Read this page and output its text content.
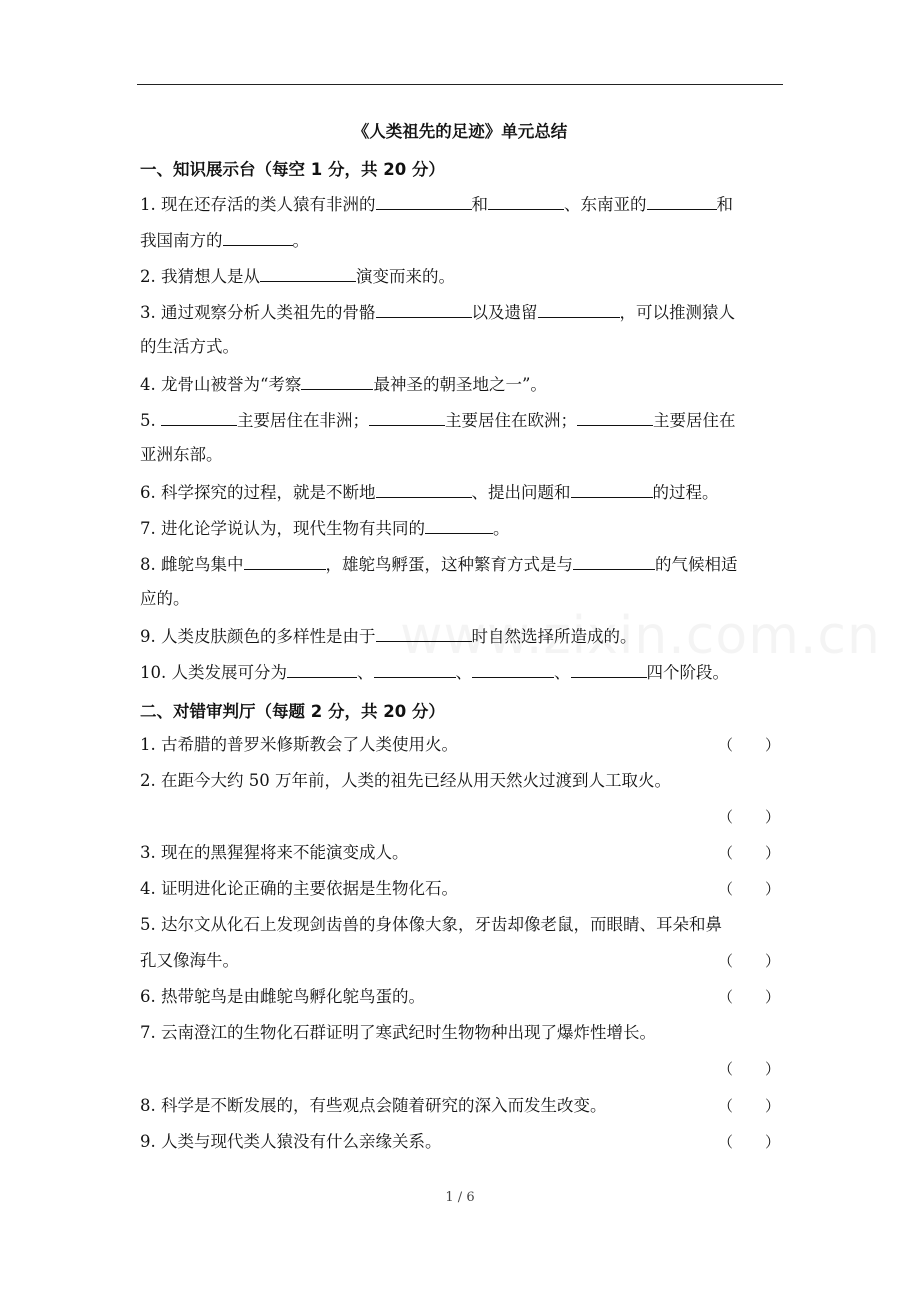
《人类祖先的足迹》单元总结
一、知识展示台（每空 1 分，共 20 分）
1. 现在还存活的类人猿有非洲的	和	、东南亚的	和
我国南方的	。
2. 我猜想人是从	演变而来的。
3. 通过观察分析人类祖先的骨骼	以及遗留	，可以推测猿人
的生活方式。
4. 龙骨山被誉为“考察	最神圣的朝圣地之一”。
5.	主要居住在非洲；	主要居住在欧洲；	主要居住在
亚洲东部。
6. 科学探究的过程，就是不断地	、提出问题和	的过程。
7. 进化论学说认为，现代生物有共同的	。
8. 雌鸵鸟集中	，雄鸵鸟孵蛋，这种繁育方式是与	的气候相适
应的。
9. 人类皮肤颜色的多样性是由于	时自然选择所造成的。
10. 人类发展可分为	、	、	、	四个阶段。
二、对错审判厅（每题 2 分，共 20 分）
1. 古希腊的普罗米修斯教会了人类使用火。	（ ）
2. 在距今大约 50 万年前，人类的祖先已经从用天然火过渡到人工取火。
（ ）
3. 现在的黑猩猩将来不能演变成人。	（ ）
4. 证明进化论正确的主要依据是生物化石。	（ ）
5. 达尔文从化石上发现剑齿兽的身体像大象，牙齿却像老鼠，而眼睛、耳朵和鼻
孔又像海牛。	（ ）
6. 热带鸵鸟是由雌鸵鸟孵化鸵鸟蛋的。	（ ）
7. 云南澄江的生物化石群证明了寒武纪时生物物种出现了爆炸性增长。
（ ）
8. 科学是不断发展的，有些观点会随着研究的深入而发生改变。	（ ）
9. 人类与现代类人猿没有什么亲缘关系。	（ ）
1 / 6
